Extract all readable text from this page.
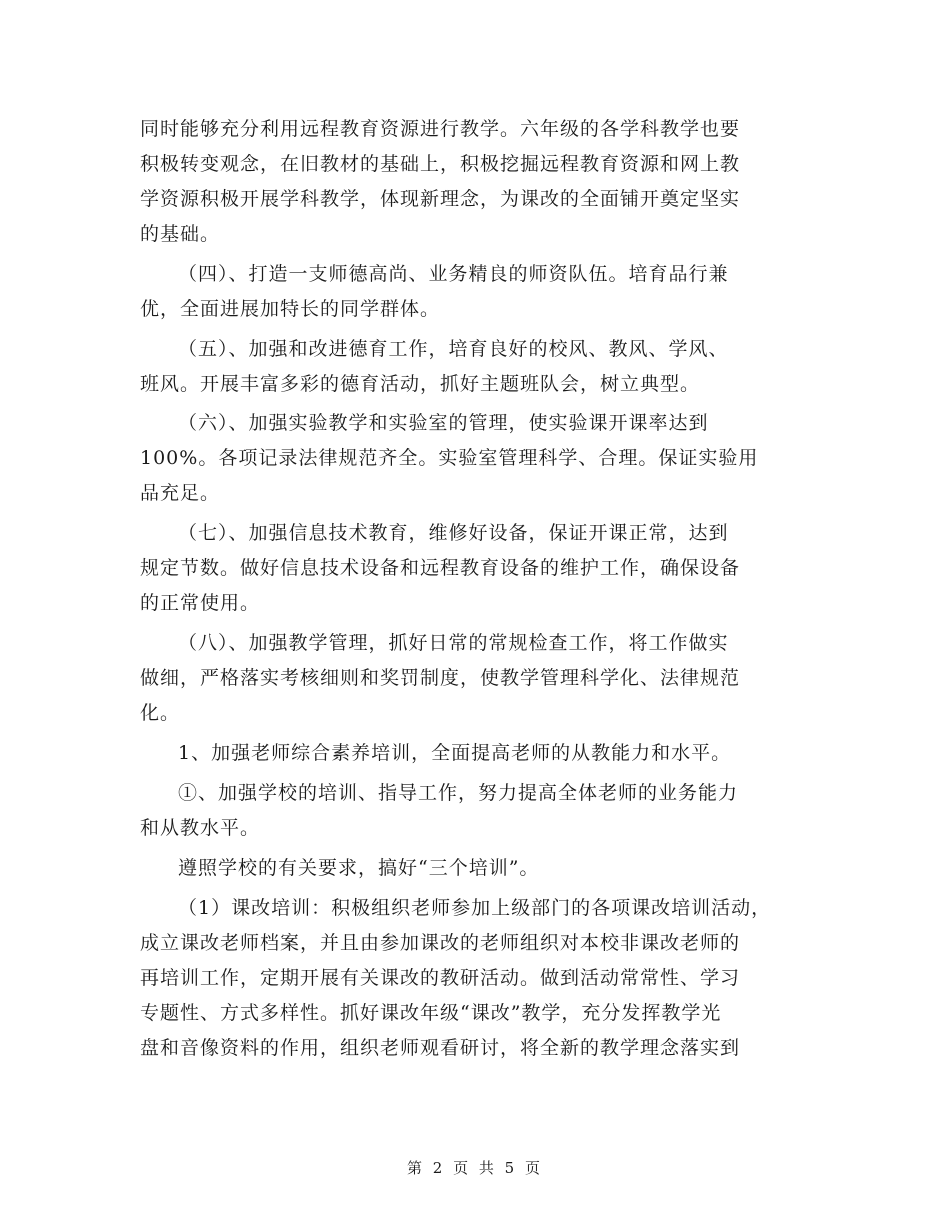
同时能够充分利用远程教育资源进行教学。六年级的各学科教学也要
积极转变观念，在旧教材的基础上，积极挖掘远程教育资源和网上教
学资源积极开展学科教学，体现新理念，为课改的全面铺开奠定坚实
的基础。
（四）、打造一支师德高尚、业务精良的师资队伍。培育品行兼
优，全面进展加特长的同学群体。
（五）、加强和改进德育工作，培育良好的校风、教风、学风、
班风。开展丰富多彩的德育活动，抓好主题班队会，树立典型。
（六）、加强实验教学和实验室的管理，使实验课开课率达到
100%。各项记录法律规范齐全。实验室管理科学、合理。保证实验用
品充足。
（七）、加强信息技术教育，维修好设备，保证开课正常，达到
规定节数。做好信息技术设备和远程教育设备的维护工作，确保设备
的正常使用。
（八）、加强教学管理，抓好日常的常规检查工作，将工作做实
做细，严格落实考核细则和奖罚制度，使教学管理科学化、法律规范
化。
1、加强老师综合素养培训，全面提高老师的从教能力和水平。
①、加强学校的培训、指导工作，努力提高全体老师的业务能力
和从教水平。
遵照学校的有关要求，搞好“三个培训”。
（1）课改培训：积极组织老师参加上级部门的各项课改培训活动，
成立课改老师档案，并且由参加课改的老师组织对本校非课改老师的
再培训工作，定期开展有关课改的教研活动。做到活动常常性、学习
专题性、方式多样性。抓好课改年级“课改”教学，充分发挥教学光
盘和音像资料的作用，组织老师观看研讨，将全新的教学理念落实到
第 2 页 共 5 页
